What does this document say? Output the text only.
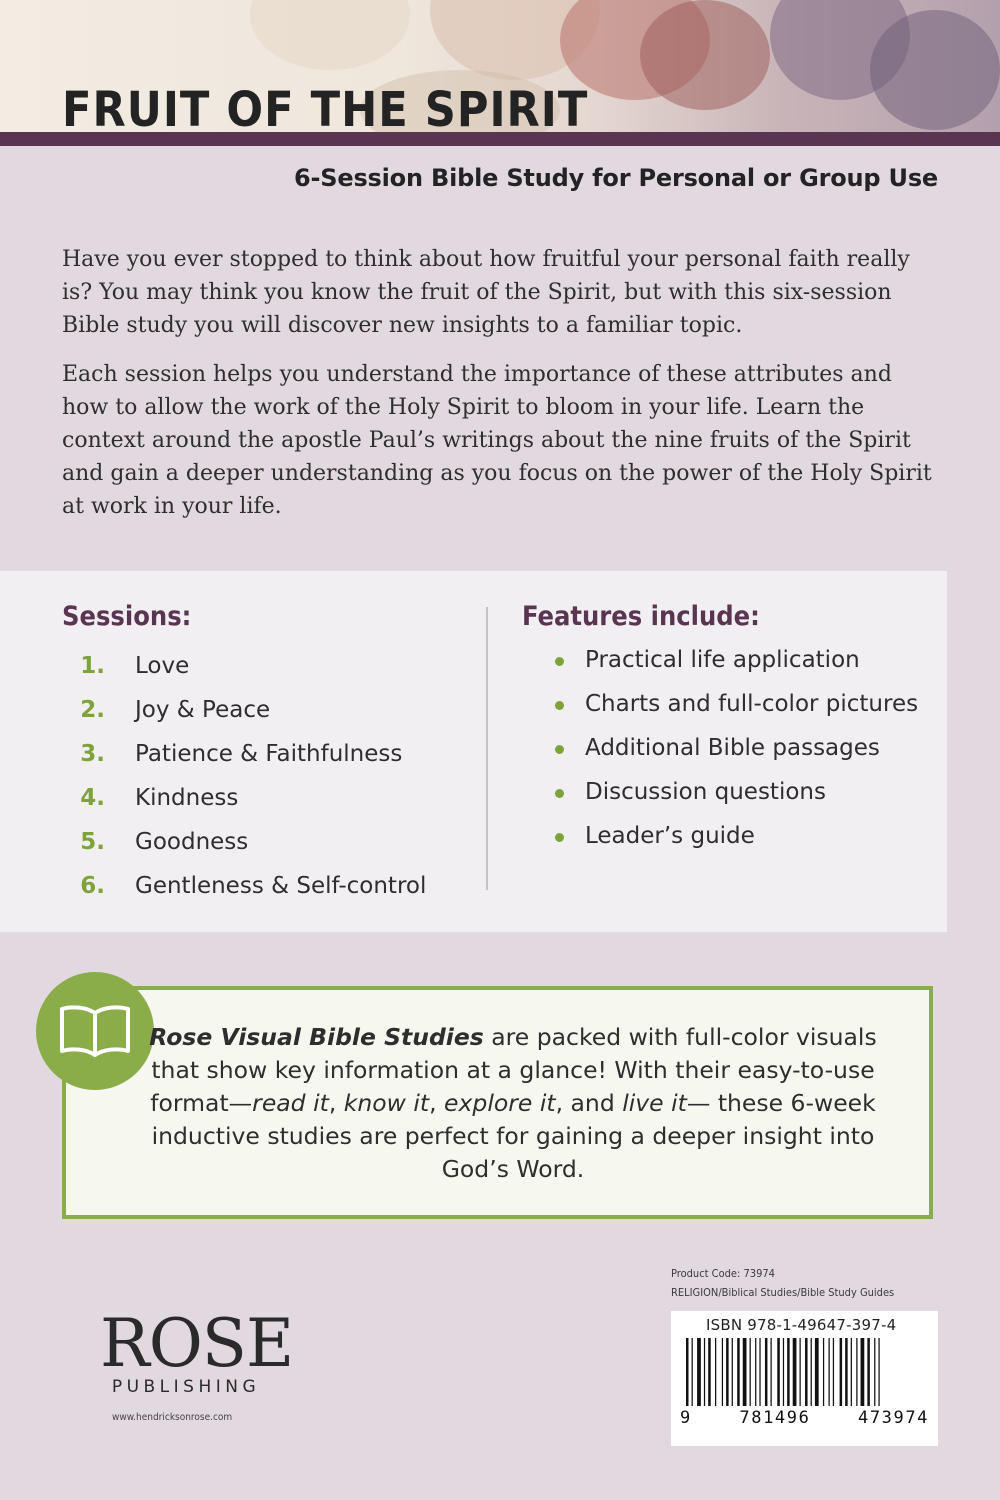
FRUIT OF THE SPIRIT
6-Session Bible Study for Personal or Group Use

Have you ever stopped to think about how fruitful your personal faith really is? You may think you know the fruit of the Spirit, but with this six-session Bible study you will discover new insights to a familiar topic.

Each session helps you understand the importance of these attributes and how to allow the work of the Holy Spirit to bloom in your life. Learn the context around the apostle Paul’s writings about the nine fruits of the Spirit and gain a deeper understanding as you focus on the power of the Holy Spirit at work in your life.

Sessions:
1. Love
2. Joy & Peace
3. Patience & Faithfulness
4. Kindness
5. Goodness
6. Gentleness & Self-control
Features include:
Practical life application
Charts and full-color pictures
Additional Bible passages
Discussion questions
Leader’s guide
Rose Visual Bible Studies are packed with full-color visuals that show key information at a glance! With their easy-to-use format—read it, know it, explore it, and live it— these 6-week inductive studies are perfect for gaining a deeper insight into God’s Word.
ROSE
PUBLISHING
www.hendricksonrose.com
Product Code: 73974
RELIGION/Biblical Studies/Bible Study Guides
ISBN 978-1-49647-397-4
9	781496	473974
